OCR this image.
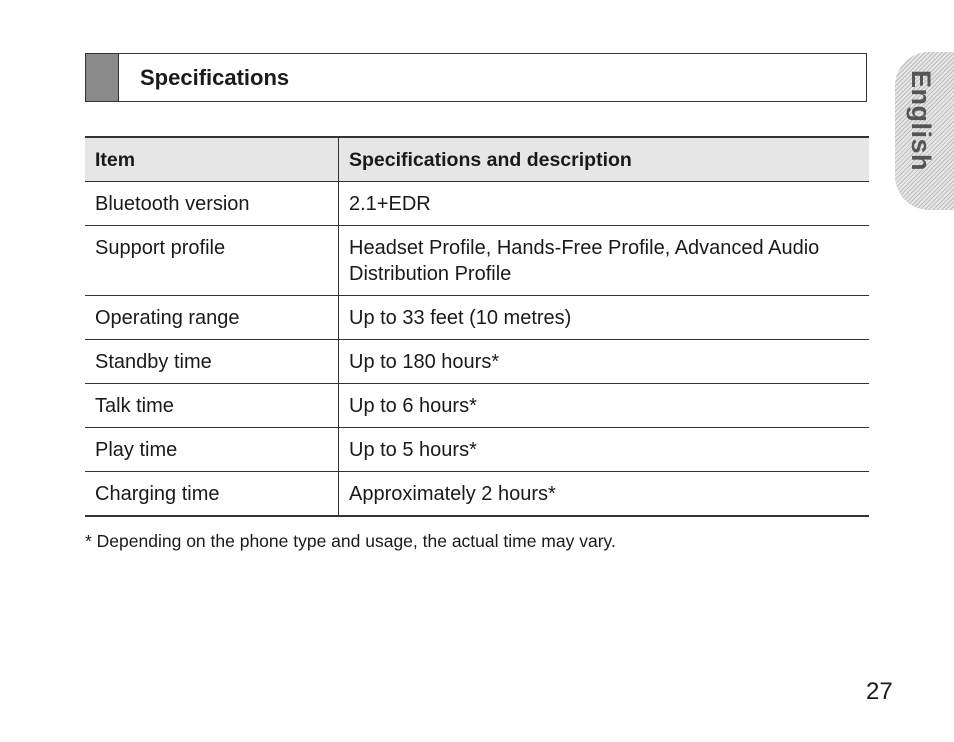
Specifications	English
Item	Specifications and description
Bluetooth version	2.1+EDR
Support profile	Headset Profile, Hands-Free Profile, Advanced Audio Distribution Profile
Operating range	Up to 33 feet (10 metres)
Standby time	Up to 180 hours*
Talk time	Up to 6 hours*
Play time	Up to 5 hours*
Charging time	Approximately 2 hours*
* Depending on the phone type and usage, the actual time may vary.
27
